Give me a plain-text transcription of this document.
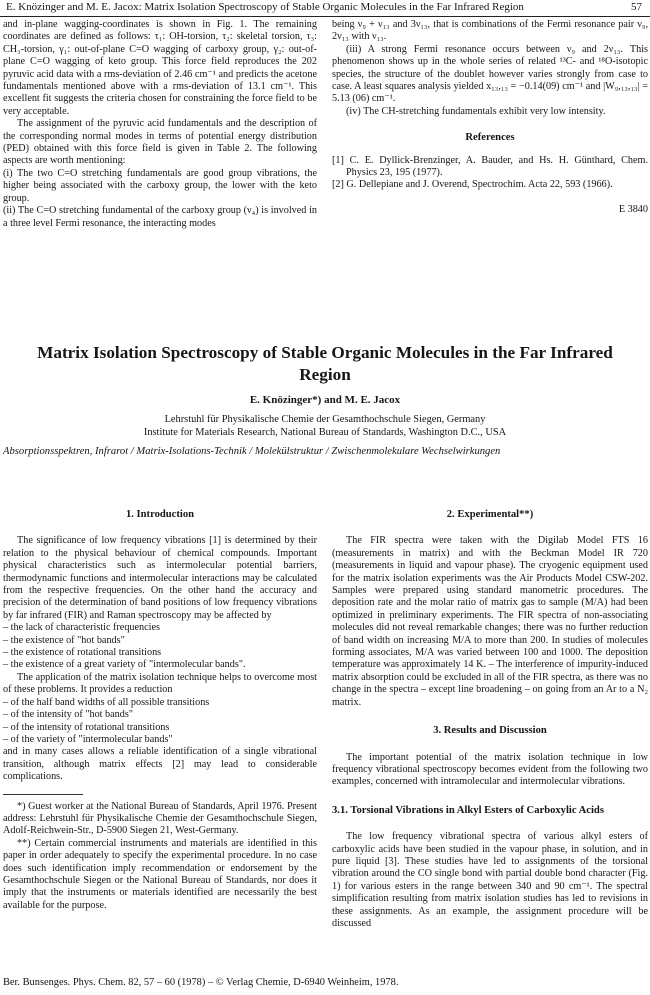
E. Knözinger and M. E. Jacox: Matrix Isolation Spectroscopy of Stable Organic Molecules in the Far Infrared Region	57

and in-plane wagging-coordinates is shown in Fig. 1. The remaining coordinates are defined as follows: τ₁: OH-torsion, τ₂: skeletal torsion, τ₃: CH₃-torsion, γ₁: out-of-plane C=O wagging of carboxy group, γ₂: out-of-plane C=O wagging of keto group. This force field reproduces the 202 pyruvic acid data with a rms-deviation of 2.46 cm⁻¹ and predicts the acetone fundamentals mentioned above with a rms-deviation of 13.1 cm⁻¹. This excellent fit suggests the criteria chosen for constraining the force field to be very acceptable.

The assignment of the pyruvic acid fundamentals and the description of the corresponding normal modes in terms of potential energy distribution (PED) obtained with this force field is given in Table 2. The following aspects are worth mentioning:

(i) The two C=O stretching fundamentals are good group vibrations, the higher being associated with the carboxy group, the lower with the keto group.

(ii) The C=O stretching fundamental of the carboxy group (ν₄) is involved in a three level Fermi resonance, the interacting modes

being ν₉ + ν₁₃ and 3ν₁₃, that is combinations of the Fermi resonance pair ν₉, 2ν₁₃ with ν₁₃.

(iii) A strong Fermi resonance occurs between ν₉ and 2ν₁₃. This phenomenon shows up in the whole series of related ¹³C- and ¹⁸O-isotopic species, the structure of the doublet however varies strongly from case to case. A least squares analysis yielded x₁₃,₁₃ = −0.14(09) cm⁻¹ and |W₉,₁₃,₁₃| = 5.13 (06) cm⁻¹.

(iv) The CH-stretching fundamentals exhibit very low intensity.

References

[1] C. E. Dyllick-Brenzinger, A. Bauder, and Hs. H. Günthard, Chem. Physics 23, 195 (1977).

[2] G. Dellepiane and J. Overend, Spectrochim. Acta 22, 593 (1966).

E 3840

Matrix Isolation Spectroscopy of Stable Organic Molecules in the Far Infrared Region
E. Knözinger*) and M. E. Jacox
Lehrstuhl für Physikalische Chemie der Gesamthochschule Siegen, Germany
Institute for Materials Research, National Bureau of Standards, Washington D.C., USA
Absorptionsspektren, Infrarot / Matrix-Isolations-Technik / Molekülstruktur / Zwischenmolekulare Wechselwirkungen

1. Introduction

The significance of low frequency vibrations [1] is determined by their relation to the physical behaviour of chemical compounds. Important physical characteristics such as intermolecular potential barriers, thermodynamic functions and intermolecular interactions may be calculated from the respective frequencies. On the other hand the accuracy and precision of the determination of band positions of low frequency vibrations by far infrared (FIR) and Raman spectroscopy may be affected by

– the lack of characteristic frequencies

– the existence of "hot bands"

– the existence of rotational transitions

– the existence of a great variety of "intermolecular bands".

The application of the matrix isolation technique helps to overcome most of these problems. It provides a reduction

– of the half band widths of all possible transitions

– of the intensity of "hot bands"

– of the intensity of rotational transitions

– of the variety of "intermolecular bands"

and in many cases allows a reliable identification of a single vibrational transition, although matrix effects [2] may lead to considerable complications.

*) Guest worker at the National Bureau of Standards, April 1976. Present address: Lehrstuhl für Physikalische Chemie der Gesamthochschule Siegen, Adolf-Reichwein-Str., D-5900 Siegen 21, West-Germany.

**) Certain commercial instruments and materials are identified in this paper in order adequately to specify the experimental procedure. In no case does such identification imply recommendation or endorsement by the Gesamthochschule Siegen or the National Bureau of Standards, nor does it imply that the instruments or materials identified are necessarily the best available for the purpose.

2. Experimental**)

The FIR spectra were taken with the Digilab Model FTS 16 (measurements in matrix) and with the Beckman Model IR 720 (measurements in liquid and vapour phase). The cryogenic equipment used for the matrix isolation experiments was the Air Products Model CSW-202. Samples were prepared using standard manometric procedures. The deposition rate and the molar ratio of matrix gas to sample (M/A) had been optimized in preliminary experiments. The FIR spectra of non-associating molecules did not reveal remarkable changes; there was no further reduction of band width on increasing M/A to more than 200. In studies of molecules forming associates, M/A was varied between 100 and 1000. The deposition temperature was approximately 14 K. – The interference of impurity-induced matrix absorption could be excluded in all of the FIR spectra, as there was no change in the spectra – except line broadening – on going from an Ar to a N₂ matrix.

3. Results and Discussion

The important potential of the matrix isolation technique in low frequency vibrational spectroscopy becomes evident from the following two examples, concerned with intramolecular and intermolecular vibrations.

3.1. Torsional Vibrations in Alkyl Esters of Carboxylic Acids

The low frequency vibrational spectra of various alkyl esters of carboxylic acids have been studied in the vapour phase, in solution, and in pure liquid [3]. These studies have led to assignments of the torsional vibration around the CO single bond with partial double bond character (Fig. 1) for various esters in the range between 340 and 90 cm⁻¹. The spectral simplification resulting from matrix isolation studies has led to revisions in these assignments. As an example, the assignment procedure will be discussed

Ber. Bunsenges. Phys. Chem. 82, 57 – 60 (1978) – © Verlag Chemie, D-6940 Weinheim, 1978.
